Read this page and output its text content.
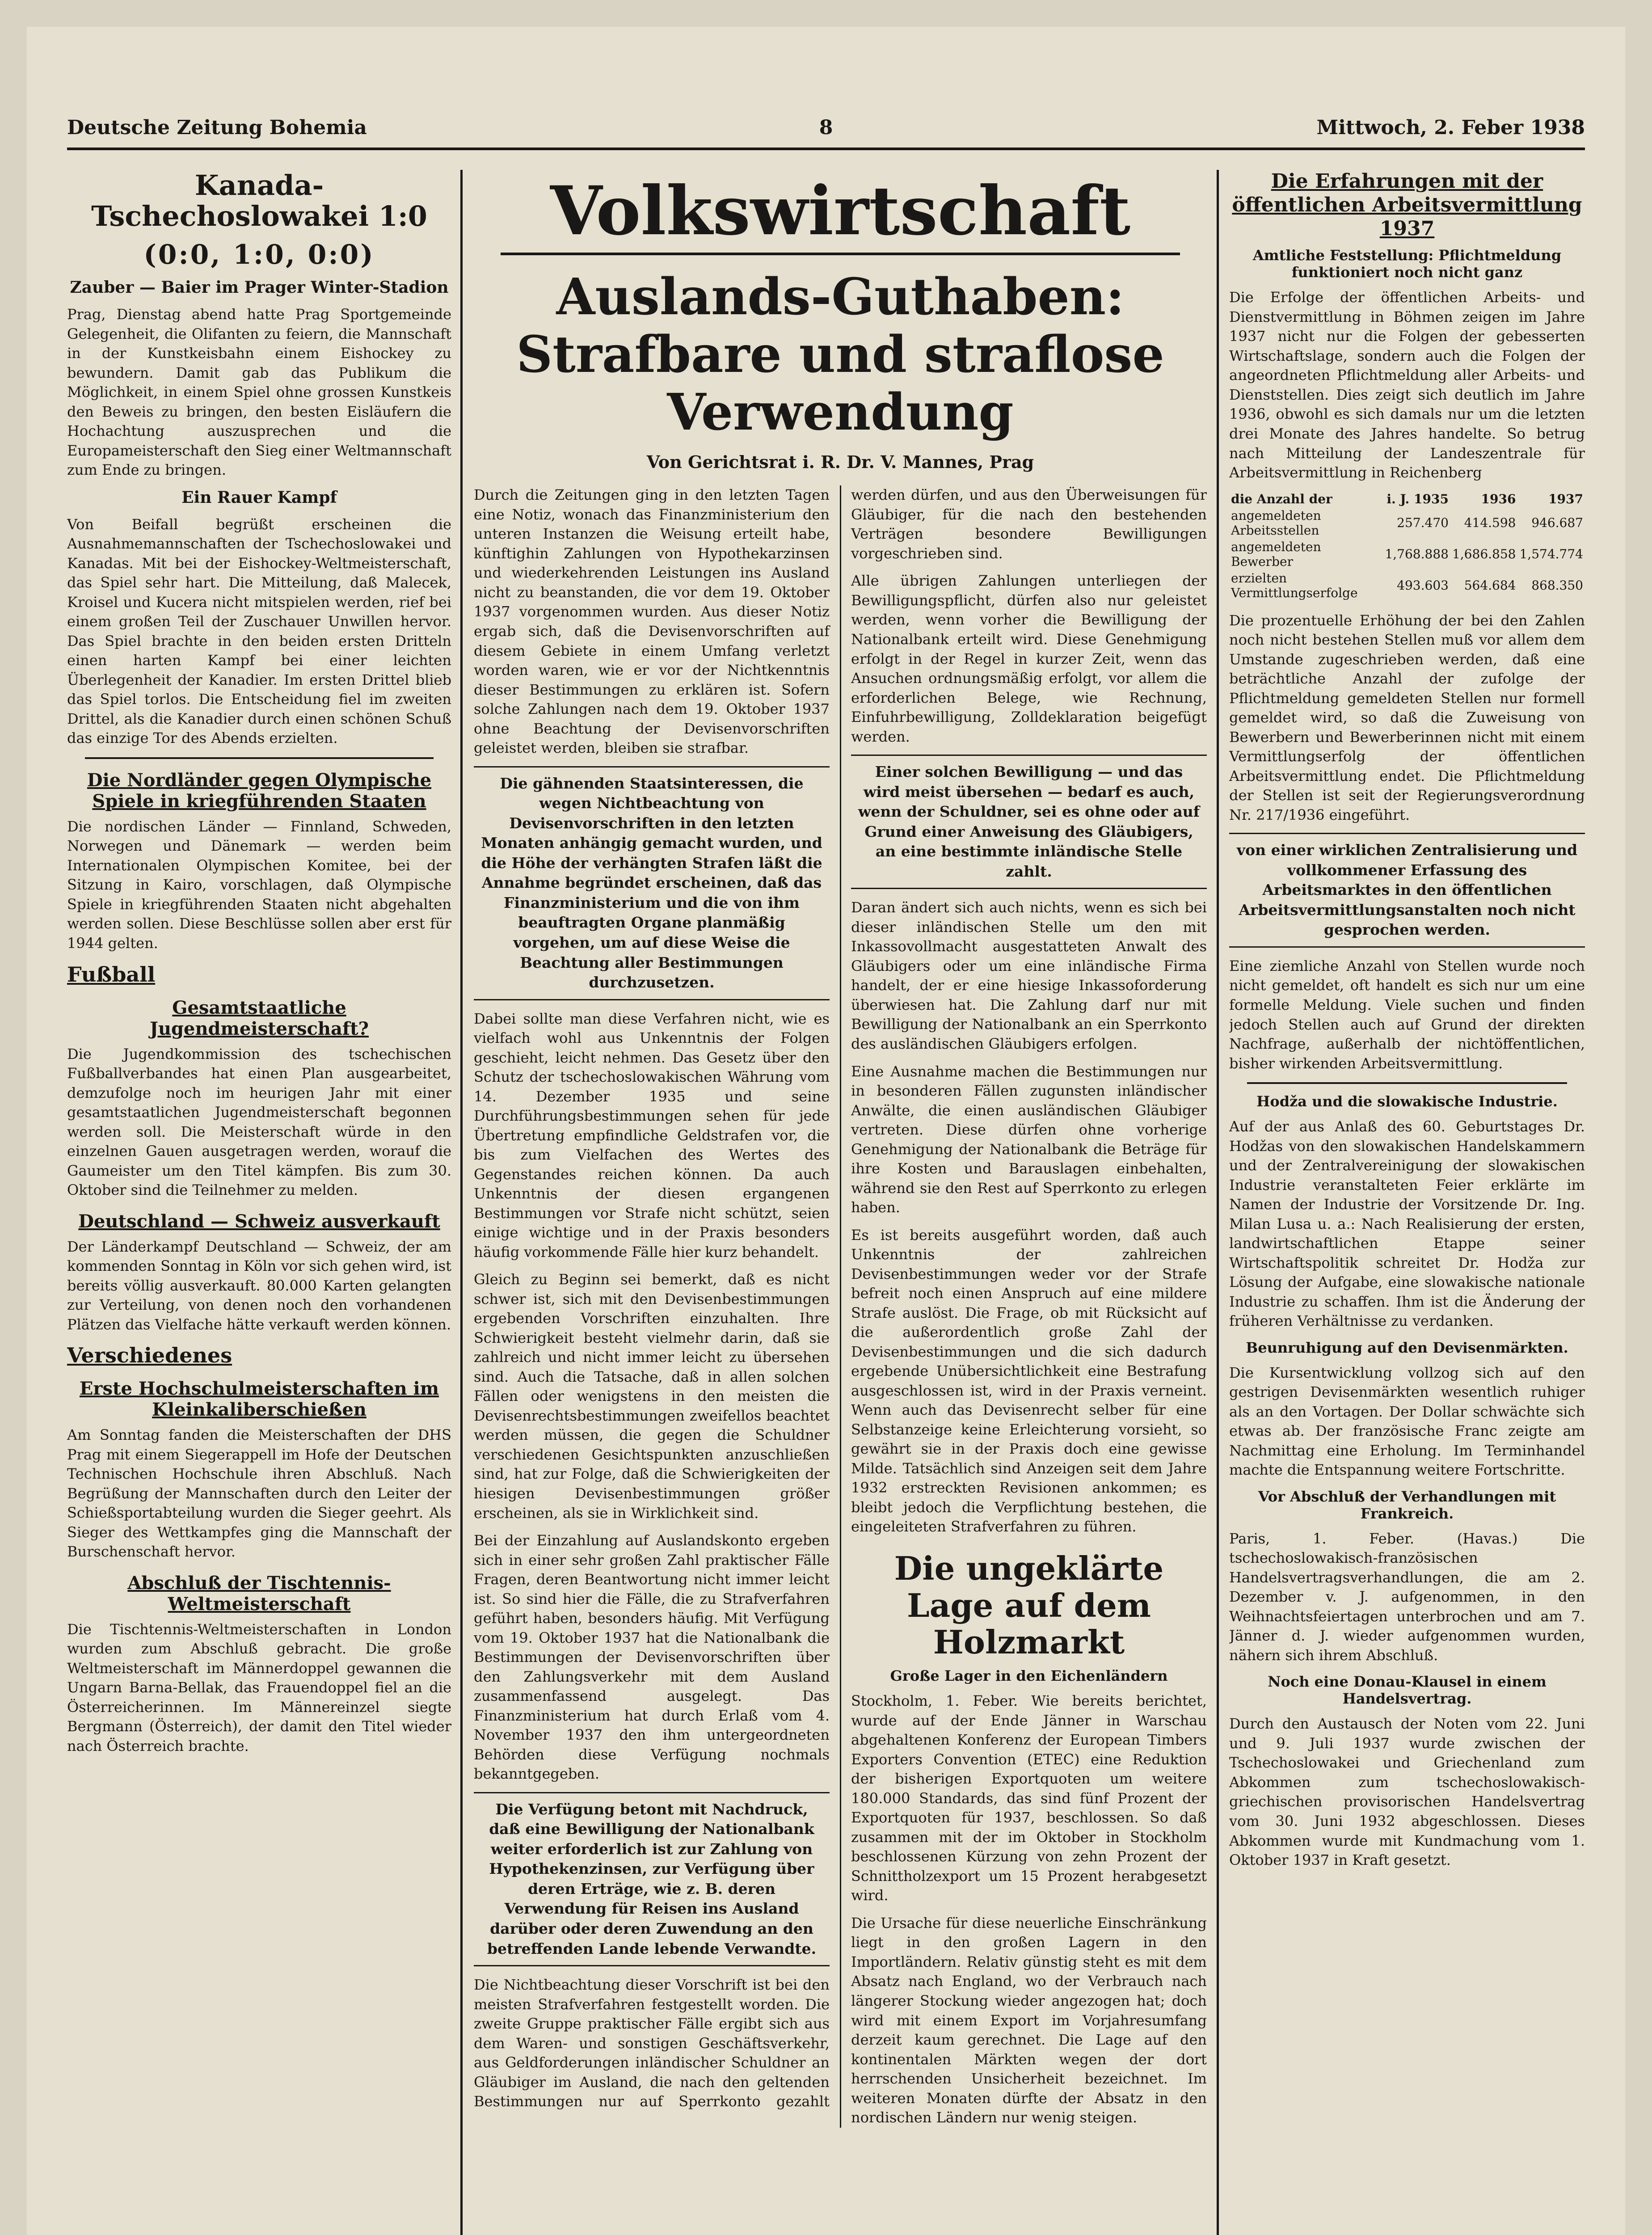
Deutsche Zeitung Bohemia	8	Mittwoch, 2. Feber 1938
Kanada-Tschechoslowakei 1:0
(0:0, 1:0, 0:0)
Zauber — Baier im Prager Winter-Stadion

Prag, Dienstag abend hatte Prag Sportgemeinde Gelegenheit, die Olifanten zu feiern, die Mannschaft in der Kunstkeisbahn einem Eishockey zu bewundern. Damit gab das Publikum die Möglichkeit, in einem Spiel ohne grossen Kunstkeis den Beweis zu bringen, den besten Eisläufern die Hochachtung auszusprechen und die Europameisterschaft den Sieg einer Weltmannschaft zum Ende zu bringen.

Ein Rauer Kampf

Von Beifall begrüßt erscheinen die Ausnahmemannschaften der Tschechoslowakei und Kanadas. Mit bei der Eishockey-Weltmeisterschaft, das Spiel sehr hart. Die Mitteilung, daß Malecek, Kroisel und Kucera nicht mitspielen werden, rief bei einem großen Teil der Zuschauer Unwillen hervor. Das Spiel brachte in den beiden ersten Dritteln einen harten Kampf bei einer leichten Überlegenheit der Kanadier. Im ersten Drittel blieb das Spiel torlos. Die Entscheidung fiel im zweiten Drittel, als die Kanadier durch einen schönen Schuß das einzige Tor des Abends erzielten.

Die Nordländer gegen Olympische Spiele in kriegführenden Staaten

Die nordischen Länder — Finnland, Schweden, Norwegen und Dänemark — werden beim Internationalen Olympischen Komitee, bei der Sitzung in Kairo, vorschlagen, daß Olympische Spiele in kriegführenden Staaten nicht abgehalten werden sollen. Diese Beschlüsse sollen aber erst für 1944 gelten.

Fußball
Gesamtstaatliche Jugendmeisterschaft?

Die Jugendkommission des tschechischen Fußballverbandes hat einen Plan ausgearbeitet, demzufolge noch im heurigen Jahr mit einer gesamtstaatlichen Jugendmeisterschaft begonnen werden soll. Die Meisterschaft würde in den einzelnen Gauen ausgetragen werden, worauf die Gaumeister um den Titel kämpfen. Bis zum 30. Oktober sind die Teilnehmer zu melden.

Deutschland — Schweiz ausverkauft

Der Länderkampf Deutschland — Schweiz, der am kommenden Sonntag in Köln vor sich gehen wird, ist bereits völlig ausverkauft. 80.000 Karten gelangten zur Verteilung, von denen noch den vorhandenen Plätzen das Vielfache hätte verkauft werden können.

Verschiedenes
Erste Hochschulmeisterschaften im Kleinkaliberschießen

Am Sonntag fanden die Meisterschaften der DHS Prag mit einem Siegerappell im Hofe der Deutschen Technischen Hochschule ihren Abschluß. Nach Begrüßung der Mannschaften durch den Leiter der Schießsportabteilung wurden die Sieger geehrt. Als Sieger des Wettkampfes ging die Mannschaft der Burschenschaft hervor.

Abschluß der Tischtennis-Weltmeisterschaft

Die Tischtennis-Weltmeisterschaften in London wurden zum Abschluß gebracht. Die große Weltmeisterschaft im Männerdoppel gewannen die Ungarn Barna-Bellak, das Frauendoppel fiel an die Österreicherinnen. Im Männereinzel siegte Bergmann (Österreich), der damit den Titel wieder nach Österreich brachte.

Volkswirtschaft
Auslands-Guthaben: Strafbare und straflose Verwendung
Von Gerichtsrat i. R. Dr. V. Mannes, Prag

Durch die Zeitungen ging in den letzten Tagen eine Notiz, wonach das Finanzministerium den unteren Instanzen die Weisung erteilt habe, künftighin Zahlungen von Hypothekarzinsen und wiederkehrenden Leistungen ins Ausland nicht zu beanstanden, die vor dem 19. Oktober 1937 vorgenommen wurden. Aus dieser Notiz ergab sich, daß die Devisenvorschriften auf diesem Gebiete in einem Umfang verletzt worden waren, wie er vor der Nichtkenntnis dieser Bestimmungen zu erklären ist. Sofern solche Zahlungen nach dem 19. Oktober 1937 ohne Beachtung der Devisenvorschriften geleistet werden, bleiben sie strafbar.

Die gähnenden Staatsinteressen, die wegen Nichtbeachtung von Devisenvorschriften in den letzten Monaten anhängig gemacht wurden, und die Höhe der verhängten Strafen läßt die Annahme begründet erscheinen, daß das Finanzministerium und die von ihm beauftragten Organe planmäßig vorgehen, um auf diese Weise die Beachtung aller Bestimmungen durchzusetzen.

Dabei sollte man diese Verfahren nicht, wie es vielfach wohl aus Unkenntnis der Folgen geschieht, leicht nehmen. Das Gesetz über den Schutz der tschechoslowakischen Währung vom 14. Dezember 1935 und seine Durchführungsbestimmungen sehen für jede Übertretung empfindliche Geldstrafen vor, die bis zum Vielfachen des Wertes des Gegenstandes reichen können. Da auch Unkenntnis der diesen ergangenen Bestimmungen vor Strafe nicht schützt, seien einige wichtige und in der Praxis besonders häufig vorkommende Fälle hier kurz behandelt.

Gleich zu Beginn sei bemerkt, daß es nicht schwer ist, sich mit den Devisenbestimmungen ergebenden Vorschriften einzuhalten. Ihre Schwierigkeit besteht vielmehr darin, daß sie zahlreich und nicht immer leicht zu übersehen sind. Auch die Tatsache, daß in allen solchen Fällen oder wenigstens in den meisten die Devisenrechtsbestimmungen zweifellos beachtet werden müssen, die gegen die Schuldner verschiedenen Gesichtspunkten anzuschließen sind, hat zur Folge, daß die Schwierigkeiten der hiesigen Devisenbestimmungen größer erscheinen, als sie in Wirklichkeit sind.

Bei der Einzahlung auf Auslandskonto ergeben sich in einer sehr großen Zahl praktischer Fälle Fragen, deren Beantwortung nicht immer leicht ist. So sind hier die Fälle, die zu Strafverfahren geführt haben, besonders häufig. Mit Verfügung vom 19. Oktober 1937 hat die Nationalbank die Bestimmungen der Devisenvorschriften über den Zahlungsverkehr mit dem Ausland zusammenfassend ausgelegt. Das Finanzministerium hat durch Erlaß vom 4. November 1937 den ihm untergeordneten Behörden diese Verfügung nochmals bekanntgegeben.

Die Verfügung betont mit Nachdruck, daß eine Bewilligung der Nationalbank weiter erforderlich ist zur Zahlung von Hypothekenzinsen, zur Verfügung über deren Erträge, wie z. B. deren Verwendung für Reisen ins Ausland darüber oder deren Zuwendung an den betreffenden Lande lebende Verwandte.

Die Nichtbeachtung dieser Vorschrift ist bei den meisten Strafverfahren festgestellt worden. Die zweite Gruppe praktischer Fälle ergibt sich aus dem Waren- und sonstigen Geschäftsverkehr, aus Geldforderungen inländischer Schuldner an Gläubiger im Ausland, die nach den geltenden Bestimmungen nur auf Sperrkonto gezahlt werden dürfen, und aus den Überweisungen für Gläubiger, für die nach den bestehenden Verträgen besondere Bewilligungen vorgeschrieben sind.

Alle übrigen Zahlungen unterliegen der Bewilligungspflicht, dürfen also nur geleistet werden, wenn vorher die Bewilligung der Nationalbank erteilt wird. Diese Genehmigung erfolgt in der Regel in kurzer Zeit, wenn das Ansuchen ordnungsmäßig erfolgt, vor allem die erforderlichen Belege, wie Rechnung, Einfuhrbewilligung, Zolldeklaration beigefügt werden.

Einer solchen Bewilligung — und das wird meist übersehen — bedarf es auch, wenn der Schuldner, sei es ohne oder auf Grund einer Anweisung des Gläubigers, an eine bestimmte inländische Stelle zahlt.

Daran ändert sich auch nichts, wenn es sich bei dieser inländischen Stelle um den mit Inkassovollmacht ausgestatteten Anwalt des Gläubigers oder um eine inländische Firma handelt, der er eine hiesige Inkassoforderung überwiesen hat. Die Zahlung darf nur mit Bewilligung der Nationalbank an ein Sperrkonto des ausländischen Gläubigers erfolgen.

Eine Ausnahme machen die Bestimmungen nur in besonderen Fällen zugunsten inländischer Anwälte, die einen ausländischen Gläubiger vertreten. Diese dürfen ohne vorherige Genehmigung der Nationalbank die Beträge für ihre Kosten und Barauslagen einbehalten, während sie den Rest auf Sperrkonto zu erlegen haben.

Es ist bereits ausgeführt worden, daß auch Unkenntnis der zahlreichen Devisenbestimmungen weder vor der Strafe befreit noch einen Anspruch auf eine mildere Strafe auslöst. Die Frage, ob mit Rücksicht auf die außerordentlich große Zahl der Devisenbestimmungen und die sich dadurch ergebende Unübersichtlichkeit eine Bestrafung ausgeschlossen ist, wird in der Praxis verneint. Wenn auch das Devisenrecht selber für eine Selbstanzeige keine Erleichterung vorsieht, so gewährt sie in der Praxis doch eine gewisse Milde. Tatsächlich sind Anzeigen seit dem Jahre 1932 erstreckten Revisionen ankommen; es bleibt jedoch die Verpflichtung bestehen, die eingeleiteten Strafverfahren zu führen.

Die ungeklärte Lage auf dem Holzmarkt
Große Lager in den Eichenländern

Stockholm, 1. Feber. Wie bereits berichtet, wurde auf der Ende Jänner in Warschau abgehaltenen Konferenz der European Timbers Exporters Convention (ETEC) eine Reduktion der bisherigen Exportquoten um weitere 180.000 Standards, das sind fünf Prozent der Exportquoten für 1937, beschlossen. So daß zusammen mit der im Oktober in Stockholm beschlossenen Kürzung von zehn Prozent der Schnittholzexport um 15 Prozent herabgesetzt wird.

Die Ursache für diese neuerliche Einschränkung liegt in den großen Lagern in den Importländern. Relativ günstig steht es mit dem Absatz nach England, wo der Verbrauch nach längerer Stockung wieder angezogen hat; doch wird mit einem Export im Vorjahresumfang derzeit kaum gerechnet. Die Lage auf den kontinentalen Märkten wegen der dort herrschenden Unsicherheit bezeichnet. Im weiteren Monaten dürfte der Absatz in den nordischen Ländern nur wenig steigen.

Die Erfahrungen mit der öffentlichen Arbeitsvermittlung 1937
Amtliche Feststellung: Pflichtmeldung funktioniert noch nicht ganz

Die Erfolge der öffentlichen Arbeits- und Dienstvermittlung in Böhmen zeigen im Jahre 1937 nicht nur die Folgen der gebesserten Wirtschaftslage, sondern auch die Folgen der angeordneten Pflichtmeldung aller Arbeits- und Dienststellen. Dies zeigt sich deutlich im Jahre 1936, obwohl es sich damals nur um die letzten drei Monate des Jahres handelte. So betrug nach Mitteilung der Landeszentrale für Arbeitsvermittlung in Reichenberg

die Anzahl der	i. J. 1935	1936	1937
angemeldeten Arbeitsstellen	257.470	414.598	946.687
angemeldeten Bewerber	1,768.888	1,686.858	1,574.774
erzielten Vermittlungserfolge	493.603	564.684	868.350

Die prozentuelle Erhöhung der bei den Zahlen noch nicht bestehen Stellen muß vor allem dem Umstande zugeschrieben werden, daß eine beträchtliche Anzahl der zufolge der Pflichtmeldung gemeldeten Stellen nur formell gemeldet wird, so daß die Zuweisung von Bewerbern und Bewerberinnen nicht mit einem Vermittlungserfolg der öffentlichen Arbeitsvermittlung endet. Die Pflichtmeldung der Stellen ist seit der Regierungsverordnung Nr. 217/1936 eingeführt.

von einer wirklichen Zentralisierung und vollkommener Erfassung des Arbeitsmarktes in den öffentlichen Arbeitsvermittlungsanstalten noch nicht gesprochen werden.

Eine ziemliche Anzahl von Stellen wurde noch nicht gemeldet, oft handelt es sich nur um eine formelle Meldung. Viele suchen und finden jedoch Stellen auch auf Grund der direkten Nachfrage, außerhalb der nichtöffentlichen, bisher wirkenden Arbeitsvermittlung.

Hodža und die slowakische Industrie.

Auf der aus Anlaß des 60. Geburtstages Dr. Hodžas von den slowakischen Handelskammern und der Zentralvereinigung der slowakischen Industrie veranstalteten Feier erklärte im Namen der Industrie der Vorsitzende Dr. Ing. Milan Lusa u. a.: Nach Realisierung der ersten, landwirtschaftlichen Etappe seiner Wirtschaftspolitik schreitet Dr. Hodža zur Lösung der Aufgabe, eine slowakische nationale Industrie zu schaffen. Ihm ist die Änderung der früheren Verhältnisse zu verdanken.

Beunruhigung auf den Devisenmärkten.

Die Kursentwicklung vollzog sich auf den gestrigen Devisenmärkten wesentlich ruhiger als an den Vortagen. Der Dollar schwächte sich etwas ab. Der französische Franc zeigte am Nachmittag eine Erholung. Im Terminhandel machte die Entspannung weitere Fortschritte.

Vor Abschluß der Verhandlungen mit Frankreich.

Paris, 1. Feber. (Havas.) Die tschechoslowakisch-französischen Handelsvertragsverhandlungen, die am 2. Dezember v. J. aufgenommen, in den Weihnachtsfeiertagen unterbrochen und am 7. Jänner d. J. wieder aufgenommen wurden, nähern sich ihrem Abschluß.

Noch eine Donau-Klausel in einem Handelsvertrag.

Durch den Austausch der Noten vom 22. Juni und 9. Juli 1937 wurde zwischen der Tschechoslowakei und Griechenland zum Abkommen zum tschechoslowakisch-griechischen provisorischen Handelsvertrag vom 30. Juni 1932 abgeschlossen. Dieses Abkommen wurde mit Kundmachung vom 1. Oktober 1937 in Kraft gesetzt.
